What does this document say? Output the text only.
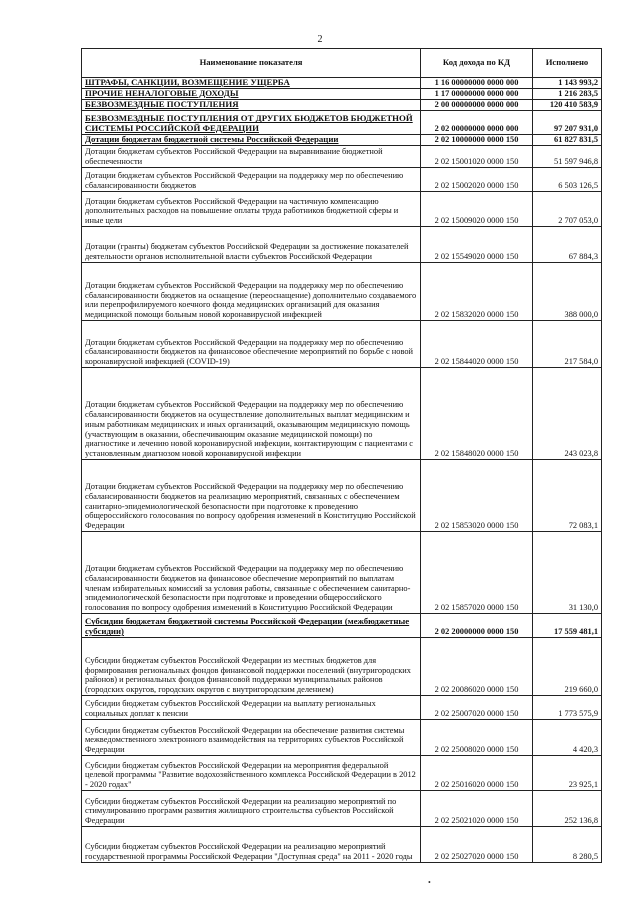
2
Наименование показателя	Код дохода по КД	Исполнено
ШТРАФЫ, САНКЦИИ, ВОЗМЕЩЕНИЕ УЩЕРБА	1 16 00000000 0000 000	1 143 993,2
ПРОЧИЕ НЕНАЛОГОВЫЕ ДОХОДЫ	1 17 00000000 0000 000	1 216 283,5
БЕЗВОЗМЕЗДНЫЕ ПОСТУПЛЕНИЯ	2 00 00000000 0000 000	120 410 583,9
БЕЗВОЗМЕЗДНЫЕ ПОСТУПЛЕНИЯ ОТ ДРУГИХ БЮДЖЕТОВ БЮДЖЕТНОЙ СИСТЕМЫ РОССИЙСКОЙ ФЕДЕРАЦИИ	2 02 00000000 0000 000	97 207 931,0
Дотации бюджетам бюджетной системы Российской Федерации	2 02 10000000 0000 150	61 827 831,5
Дотации бюджетам субъектов Российской Федерации на выравнивание бюджетной обеспеченности	2 02 15001020 0000 150	51 597 946,8
Дотации бюджетам субъектов Российской Федерации на поддержку мер по обеспечению сбалансированности бюджетов	2 02 15002020 0000 150	6 503 126,5
Дотации бюджетам субъектов Российской Федерации на частичную компенсацию дополнительных расходов на повышение оплаты труда работников бюджетной сферы и иные цели	2 02 15009020 0000 150	2 707 053,0
Дотации (гранты) бюджетам субъектов Российской Федерации за достижение показателей деятельности органов исполнительной власти субъектов Российской Федерации	2 02 15549020 0000 150	67 884,3
Дотации бюджетам субъектов Российской Федерации на поддержку мер по обеспечению сбалансированности бюджетов на оснащение (переоснащение) дополнительно создаваемого или перепрофилируемого коечного фонда медицинских организаций для оказания медицинской помощи больным новой коронавирусной инфекцией	2 02 15832020 0000 150	388 000,0
Дотации бюджетам субъектов Российской Федерации на поддержку мер по обеспечению сбалансированности бюджетов на финансовое обеспечение мероприятий по борьбе с новой коронавирусной инфекцией (COVID-19)	2 02 15844020 0000 150	217 584,0
Дотации бюджетам субъектов Российской Федерации на поддержку мер по обеспечению сбалансированности бюджетов на осуществление дополнительных выплат медицинским и иным работникам медицинских и иных организаций, оказывающим медицинскую помощь (участвующим в оказании, обеспечивающим оказание медицинской помощи) по диагностике и лечению новой коронавирусной инфекции, контактирующим с пациентами с установленным диагнозом новой коронавирусной инфекции	2 02 15848020 0000 150	243 023,8
Дотации бюджетам субъектов Российской Федерации на поддержку мер по обеспечению сбалансированности бюджетов на реализацию мероприятий, связанных с обеспечением санитарно-эпидемиологической безопасности при подготовке к проведению общероссийского голосования по вопросу одобрения изменений в Конституцию Российской Федерации	2 02 15853020 0000 150	72 083,1
Дотации бюджетам субъектов Российской Федерации на поддержку мер по обеспечению сбалансированности бюджетов на финансовое обеспечение мероприятий по выплатам членам избирательных комиссий за условия работы, связанные с обеспечением санитарно-эпидемиологической безопасности при подготовке и проведении общероссийского голосования по вопросу одобрения изменений в Конституцию Российской Федерации	2 02 15857020 0000 150	31 130,0
Субсидии бюджетам бюджетной системы Российской Федерации (межбюджетные субсидии)	2 02 20000000 0000 150	17 559 481,1
Субсидии бюджетам субъектов Российской Федерации из местных бюджетов для формирования региональных фондов финансовой поддержки поселений (внутригородских районов) и региональных фондов финансовой поддержки муниципальных районов (городских округов, городских округов с внутригородским делением)	2 02 20086020 0000 150	219 660,0
Субсидии бюджетам субъектов Российской Федерации на выплату региональных социальных доплат к пенсии	2 02 25007020 0000 150	1 773 575,9
Субсидии бюджетам субъектов Российской Федерации на обеспечение развития системы межведомственного электронного взаимодействия на территориях субъектов Российской Федерации	2 02 25008020 0000 150	4 420,3
Субсидии бюджетам субъектов Российской Федерации на мероприятия федеральной целевой программы "Развитие водохозяйственного комплекса Российской Федерации в 2012 - 2020 годах"	2 02 25016020 0000 150	23 925,1
Субсидии бюджетам субъектов Российской Федерации на реализацию мероприятий по стимулированию программ развития жилищного строительства субъектов Российской Федерации	2 02 25021020 0000 150	252 136,8
Субсидии бюджетам субъектов Российской Федерации на реализацию мероприятий государственной программы Российской Федерации "Доступная среда" на 2011 - 2020 годы	2 02 25027020 0000 150	8 280,5
•
